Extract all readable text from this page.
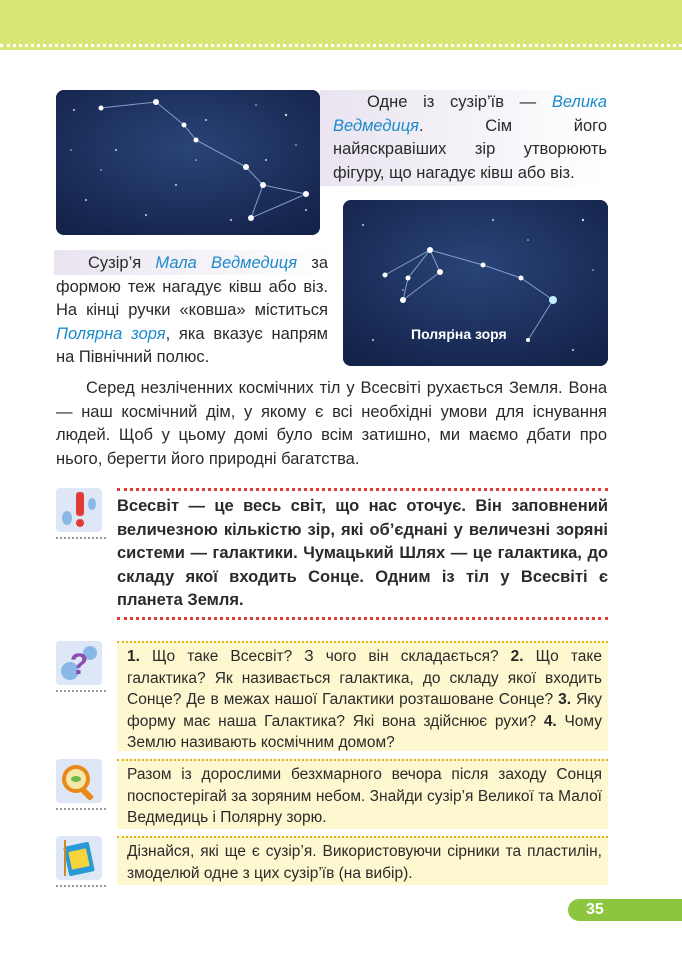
Одне із сузір’їв — Велика Ведмедиця. Сім його найяскравіших зір утворюють фігуру, що нагадує ківш або віз.

Полярна зоря

Сузір’я Мала Ведмедиця за формою теж нагадує ківш або віз. На кінці ручки «ковша» міститься Полярна зоря, яка вказує напрям на Північний полюс.

Серед незліченних космічних тіл у Всесвіті рухається Земля. Вона — наш космічний дім, у якому є всі необхідні умови для існування людей. Щоб у цьому домі було всім затишно, ми маємо дбати про нього, берегти його природні багатства.

Всесвіт — це весь світ, що нас оточує. Він заповнений величезною кількістю зір, які об’єднані у величезні зоряні системи — галактики. Чумацький Шлях — це галактика, до складу якої входить Сонце. Одним із тіл у Всесвіті є планета Земля.

?	1. Що таке Всесвіт? З чого він складається? 2. Що таке галактика? Як називається галактика, до складу якої входить Сонце? Де в межах нашої Галактики розташоване Сонце? 3. Яку форму має наша Галактика? Які вона здійснює рухи? 4. Чому Землю називають космічним домом?

Разом із дорослими безхмарного вечора після заходу Сонця поспостерігай за зоряним небом. Знайди сузір’я Великої та Малої Ведмедиць і Полярну зорю.

Дізнайся, які ще є сузір’я. Використовуючи сірники та пластилін, змоделюй одне з цих сузір’їв (на вибір).

35
